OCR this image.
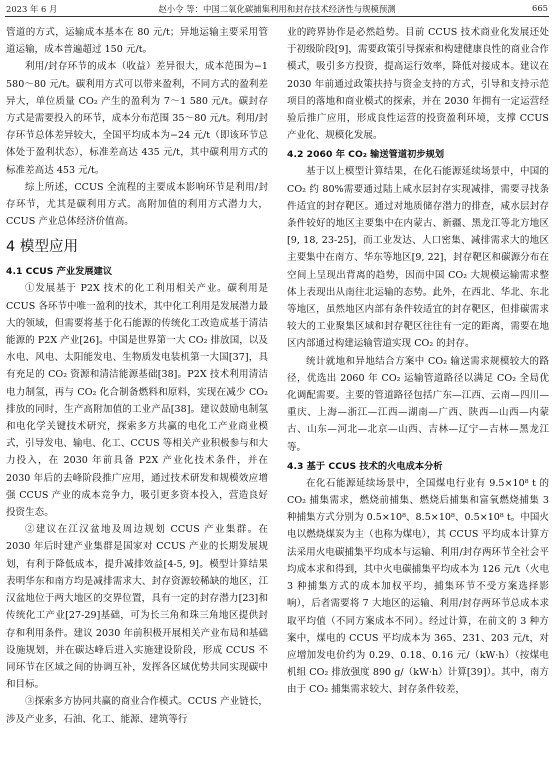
2023 年 6 月	赵小令 等：中国二氧化碳捕集利用和封存技术经济性与规模预测	665

管道的方式，运输成本基本在 80 元/t；异地运输主要采用管道运输，成本普遍超过 150 元/t。

利用/封存环节的成本（收益）差异很大，成本范围为−1 580～80 元/t。碳利用方式可以带来盈利，不同方式的盈利差异大，单位质量 CO₂ 产生的盈利为 7～1 580 元/t。碳封存方式是需要投入的环节，成本分布范围 35～80 元/t。利用/封存环节总体差异较大，全国平均成本为−24 元/t（即该环节总体处于盈利状态），标准差高达 435 元/t，其中碳利用方式的标准差高达 453 元/t。

综上所述，CCUS 全流程的主要成本影响环节是利用/封存环节，尤其是碳利用方式。高附加值的利用方式潜力大，CCUS 产业总体经济价值高。

4 模型应用
4.1 CCUS 产业发展建议

①发展基于 P2X 技术的化工利用相关产业。碳利用是 CCUS 各环节中唯一盈利的技术，其中化工利用是发展潜力最大的领域，但需要将基于化石能源的传统化工改造成基于清洁能源的 P2X 产业[26]。中国是世界第一大 CO₂ 排放国，以及水电、风电、太阳能发电、生物质发电装机第一大国[37]，具有充足的 CO₂ 资源和清洁能源基础[38]。P2X 技术利用清洁电力制氢，再与 CO₂ 化合制备燃料和原料，实现在减少 CO₂ 排放的同时，生产高附加值的工业产品[38]。建议鼓励电制氢和电化学关键技术研究，探索多方共赢的电化工产业商业模式，引导发电、输电、化工、CCUS 等相关产业积极参与和大力投入，在 2030 年前具备 P2X 产业化技术条件，并在 2030 年后的去峰阶段推广应用，通过技术研发和规模效应增强 CCUS 产业的成本竞争力，吸引更多资本投入，营造良好投资生态。

②建议在江汉盆地及周边规划 CCUS 产业集群。在 2030 年后时建产业集群是国家对 CCUS 产业的长期发展规划，有利于降低成本，提升减排效益[4-5, 9]。模型计算结果表明华东和南方均是减排需求大、封存资源较稀缺的地区，江汉盆地位于两大地区的交界位置，具有一定的封存潜力[23]和传统化工产业[27-29]基础，可为长三角和珠三角地区提供封存和利用条件。建议 2030 年前积极开展相关产业布局和基础设施规划，并在碳达峰后进入实施建设阶段，形成 CCUS 不同环节在区域之间的协调互补，发挥各区域优势共同实现碳中和目标。

③探索多方协同共赢的商业合作模式。CCUS 产业链长，涉及产业多，石油、化工、能源、建筑等行

业的跨界协作是必然趋势。目前 CCUS 技术商业化发展还处于初级阶段[9]，需要政策引导探索和构建健康良性的商业合作模式，吸引多方投资，提高运行效率，降低对接成本。建议在 2030 年前通过政策扶持与资金支持的方式，引导和支持示范项目的落地和商业模式的探索，并在 2030 年拥有一定运营经验后推广应用，形成良性运营的投资盈利环境，支撑 CCUS 产业化、规模化发展。

4.2 2060 年 CO₂ 输送管道初步规划

基于以上模型计算结果，在化石能源延续场景中，中国的 CO₂ 约 80%需要通过陆上咸水层封存实现减排，需要寻找条件适宜的封存靶区。通过对地质储存潜力的排查，咸水层封存条件较好的地区主要集中在内蒙古、新疆、黑龙江等北方地区[9, 18, 23-25]，而工业发达、人口密集、减排需求大的地区主要集中在南方、华东等地区[9, 22]，封存靶区和碳源分布在空间上呈现出背离的趋势，因而中国 CO₂ 大规模运输需求整体上表现出从南往北运输的态势。此外，在西北、华北、东北等地区，虽然地区内部有条件较适宜的封存靶区，但排碳需求较大的工业聚集区域和封存靶区往往有一定的距离，需要在地区内部通过构建运输管道实现 CO₂ 的封存。

统计就地和异地结合方案中 CO₂ 输送需求规模较大的路径，优选出 2060 年 CO₂ 运输管道路径以满足 CO₂ 全局优化调配需要。主要的管道路径包括广东—江西、云南—四川—重庆、上海—浙江—江西—湖南—广西、陕西—山西—内蒙古、山东—河北—北京—山西、吉林—辽宁—吉林—黑龙江等。

4.3 基于 CCUS 技术的火电成本分析

在化石能源延续场景中，全国煤电行业有 9.5×10⁸ t 的 CO₂ 捕集需求，燃烧前捕集、燃烧后捕集和富氧燃烧捕集 3 种捕集方式分别为 0.5×10⁸、8.5×10⁸、0.5×10⁸ t。中国火电以燃烧煤炭为主（也称为煤电），其 CCUS 平均成本计算方法采用火电碳捕集平均成本与运输、利用/封存两环节全社会平均成本求和得到，其中火电碳捕集平均成本为 126 元/t（火电 3 种捕集方式的成本加权平均，捕集环节不受方案选择影响），后者需要将 7 大地区的运输、利用/封存两环节总成本求取平均值（不同方案成本不同）。经过计算，在前文的 3 种方案中，煤电的 CCUS 平均成本为 365、231、203 元/t，对应增加发电价约为 0.29、0.18、0.16 元/（kW·h）（按煤电机组 CO₂ 排放强度 890 g/（kW·h）计算[39]）。其中，南方由于 CO₂ 捕集需求较大、封存条件较差，
